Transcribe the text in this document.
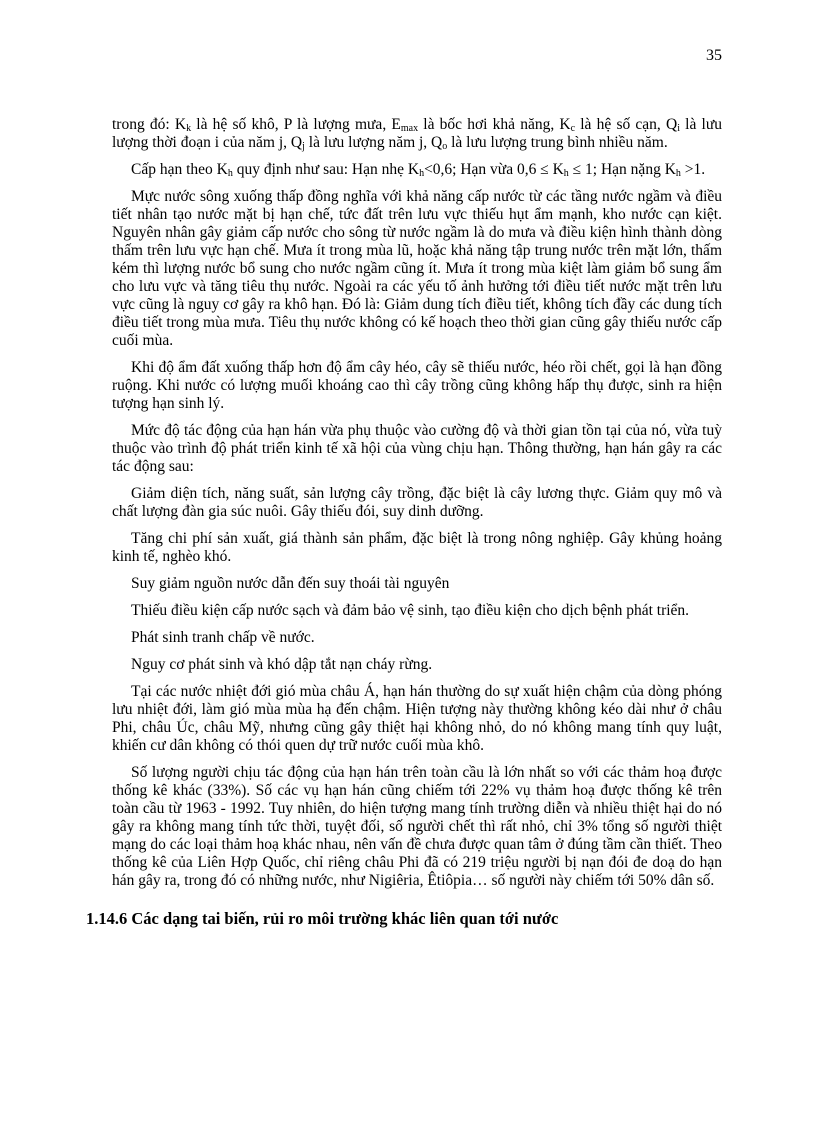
35

trong đó: $K_k$ là hệ số khô, P là lượng mưa, $E_{max}$ là bốc hơi khả năng, $K_c$ là hệ số cạn, $Q_i$ là lưu lượng thời đoạn i của năm j, $Q_j$ là lưu lượng năm j, $Q_o$ là lưu lượng trung bình nhiều năm.

Cấp hạn theo $K_h$ quy định như sau: Hạn nhẹ $K_h<0,6$; Hạn vừa $0,6 \le K_h \le 1$; Hạn nặng $K_h >1$.

Mực nước sông xuống thấp đồng nghĩa với khả năng cấp nước từ các tầng nước ngầm và điều tiết nhân tạo nước mặt bị hạn chế, tức đất trên lưu vực thiếu hụt ẩm mạnh, kho nước cạn kiệt. Nguyên nhân gây giảm cấp nước cho sông từ nước ngầm là do mưa và điều kiện hình thành dòng thấm trên lưu vực hạn chế. Mưa ít trong mùa lũ, hoặc khả năng tập trung nước trên mặt lớn, thấm kém thì lượng nước bổ sung cho nước ngầm cũng ít. Mưa ít trong mùa kiệt làm giảm bổ sung ẩm cho lưu vực và tăng tiêu thụ nước. Ngoài ra các yếu tố ảnh hưởng tới điều tiết nước mặt trên lưu vực cũng là nguy cơ gây ra khô hạn. Đó là: Giảm dung tích điều tiết, không tích đầy các dung tích điều tiết trong mùa mưa. Tiêu thụ nước không có kế hoạch theo thời gian cũng gây thiếu nước cấp cuối mùa.

Khi độ ẩm đất xuống thấp hơn độ ẩm cây héo, cây sẽ thiếu nước, héo rồi chết, gọi là hạn đồng ruộng. Khi nước có lượng muối khoáng cao thì cây trồng cũng không hấp thụ được, sinh ra hiện tượng hạn sinh lý.

Mức độ tác động của hạn hán vừa phụ thuộc vào cường độ và thời gian tồn tại của nó, vừa tuỳ thuộc vào trình độ phát triển kinh tế xã hội của vùng chịu hạn. Thông thường, hạn hán gây ra các tác động sau:

Giảm diện tích, năng suất, sản lượng cây trồng, đặc biệt là cây lương thực. Giảm quy mô và chất lượng đàn gia súc nuôi. Gây thiếu đói, suy dinh dưỡng.

Tăng chi phí sản xuất, giá thành sản phẩm, đặc biệt là trong nông nghiệp. Gây khủng hoảng kinh tế, nghèo khó.

Suy giảm nguồn nước dẫn đến suy thoái tài nguyên

Thiếu điều kiện cấp nước sạch và đảm bảo vệ sinh, tạo điều kiện cho dịch bệnh phát triển.

Phát sinh tranh chấp về nước.

Nguy cơ phát sinh và khó dập tắt nạn cháy rừng.

Tại các nước nhiệt đới gió mùa châu Á, hạn hán thường do sự xuất hiện chậm của dòng phóng lưu nhiệt đới, làm gió mùa mùa hạ đến chậm. Hiện tượng này thường không kéo dài như ở châu Phi, châu Úc, châu Mỹ, nhưng cũng gây thiệt hại không nhỏ, do nó không mang tính quy luật, khiến cư dân không có thói quen dự trữ nước cuối mùa khô.

Số lượng người chịu tác động của hạn hán trên toàn cầu là lớn nhất so với các thảm hoạ được thống kê khác (33%). Số các vụ hạn hán cũng chiếm tới 22% vụ thảm hoạ được thống kê trên toàn cầu từ 1963 - 1992. Tuy nhiên, do hiện tượng mang tính trường diễn và nhiều thiệt hại do nó gây ra không mang tính tức thời, tuyệt đối, số người chết thì rất nhỏ, chỉ 3% tổng số người thiệt mạng do các loại thảm hoạ khác nhau, nên vấn đề chưa được quan tâm ở đúng tầm cần thiết. Theo thống kê của Liên Hợp Quốc, chỉ riêng châu Phi đã có 219 triệu người bị nạn đói đe doạ do hạn hán gây ra, trong đó có những nước, như Nigiêria, Êtiôpia… số người này chiếm tới 50% dân số.

1.14.6 Các dạng tai biến, rủi ro môi trường khác liên quan tới nước
